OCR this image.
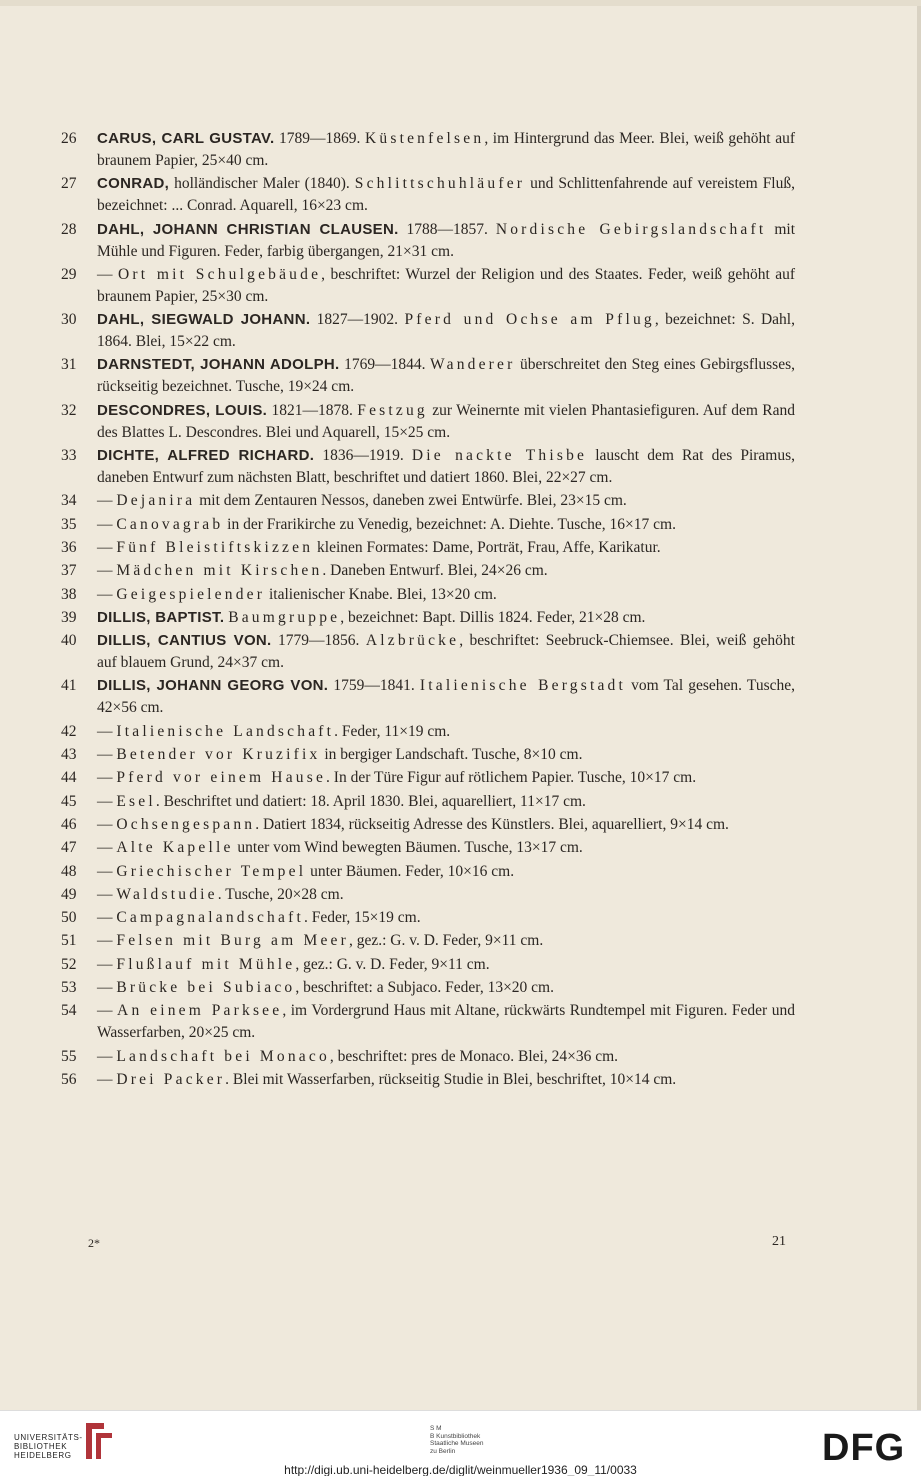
26	CARUS, CARL GUSTAV. 1789—1869. Küstenfelsen, im Hintergrund das Meer. Blei, weiß gehöht auf braunem Papier, 25×40 cm.
27	CONRAD, holländischer Maler (1840). Schlittschuhläufer und Schlittenfahrende auf vereistem Fluß, bezeichnet: ... Conrad. Aquarell, 16×23 cm.
28	DAHL, JOHANN CHRISTIAN CLAUSEN. 1788—1857. Nordische Gebirgslandschaft mit Mühle und Figuren. Feder, farbig übergangen, 21×31 cm.
29	— Ort mit Schulgebäude, beschriftet: Wurzel der Religion und des Staates. Feder, weiß gehöht auf braunem Papier, 25×30 cm.
30	DAHL, SIEGWALD JOHANN. 1827—1902. Pferd und Ochse am Pflug, bezeichnet: S. Dahl, 1864. Blei, 15×22 cm.
31	DARNSTEDT, JOHANN ADOLPH. 1769—1844. Wanderer überschreitet den Steg eines Gebirgsflusses, rückseitig bezeichnet. Tusche, 19×24 cm.
32	DESCONDRES, LOUIS. 1821—1878. Festzug zur Weinernte mit vielen Phantasiefiguren. Auf dem Rand des Blattes L. Descondres. Blei und Aquarell, 15×25 cm.
33	DICHTE, ALFRED RICHARD. 1836—1919. Die nackte Thisbe lauscht dem Rat des Piramus, daneben Entwurf zum nächsten Blatt, beschriftet und datiert 1860. Blei, 22×27 cm.
34	— Dejanira mit dem Zentauren Nessos, daneben zwei Entwürfe. Blei, 23×15 cm.
35	— Canovagrab in der Frarikirche zu Venedig, bezeichnet: A. Diehte. Tusche, 16×17 cm.
36	— Fünf Bleistiftskizzen kleinen Formates: Dame, Porträt, Frau, Affe, Karikatur.
37	— Mädchen mit Kirschen. Daneben Entwurf. Blei, 24×26 cm.
38	— Geigespielender italienischer Knabe. Blei, 13×20 cm.
39	DILLIS, BAPTIST. Baumgruppe, bezeichnet: Bapt. Dillis 1824. Feder, 21×28 cm.
40	DILLIS, CANTIUS VON. 1779—1856. Alzbrücke, beschriftet: Seebruck-Chiemsee. Blei, weiß gehöht auf blauem Grund, 24×37 cm.
41	DILLIS, JOHANN GEORG VON. 1759—1841. Italienische Bergstadt vom Tal gesehen. Tusche, 42×56 cm.
42	— Italienische Landschaft. Feder, 11×19 cm.
43	— Betender vor Kruzifix in bergiger Landschaft. Tusche, 8×10 cm.
44	— Pferd vor einem Hause. In der Türe Figur auf rötlichem Papier. Tusche, 10×17 cm.
45	— Esel. Beschriftet und datiert: 18. April 1830. Blei, aquarelliert, 11×17 cm.
46	— Ochsengespann. Datiert 1834, rückseitig Adresse des Künstlers. Blei, aquarelliert, 9×14 cm.
47	— Alte Kapelle unter vom Wind bewegten Bäumen. Tusche, 13×17 cm.
48	— Griechischer Tempel unter Bäumen. Feder, 10×16 cm.
49	— Waldstudie. Tusche, 20×28 cm.
50	— Campagnalandschaft. Feder, 15×19 cm.
51	— Felsen mit Burg am Meer, gez.: G. v. D. Feder, 9×11 cm.
52	— Flußlauf mit Mühle, gez.: G. v. D. Feder, 9×11 cm.
53	— Brücke bei Subiaco, beschriftet: a Subjaco. Feder, 13×20 cm.
54	— An einem Parksee, im Vordergrund Haus mit Altane, rückwärts Rundtempel mit Figuren. Feder und Wasserfarben, 20×25 cm.
55	— Landschaft bei Monaco, beschriftet: pres de Monaco. Blei, 24×36 cm.
56	— Drei Packer. Blei mit Wasserfarben, rückseitig Studie in Blei, beschriftet, 10×14 cm.
2*	21
UNIVERSITÄTS-
BIBLIOTHEK
HEIDELBERG
S M
B Kunstbibliothek
Staatliche Museen
zu Berlin	DFG
http://digi.ub.uni-heidelberg.de/diglit/weinmueller1936_09_11/0033
